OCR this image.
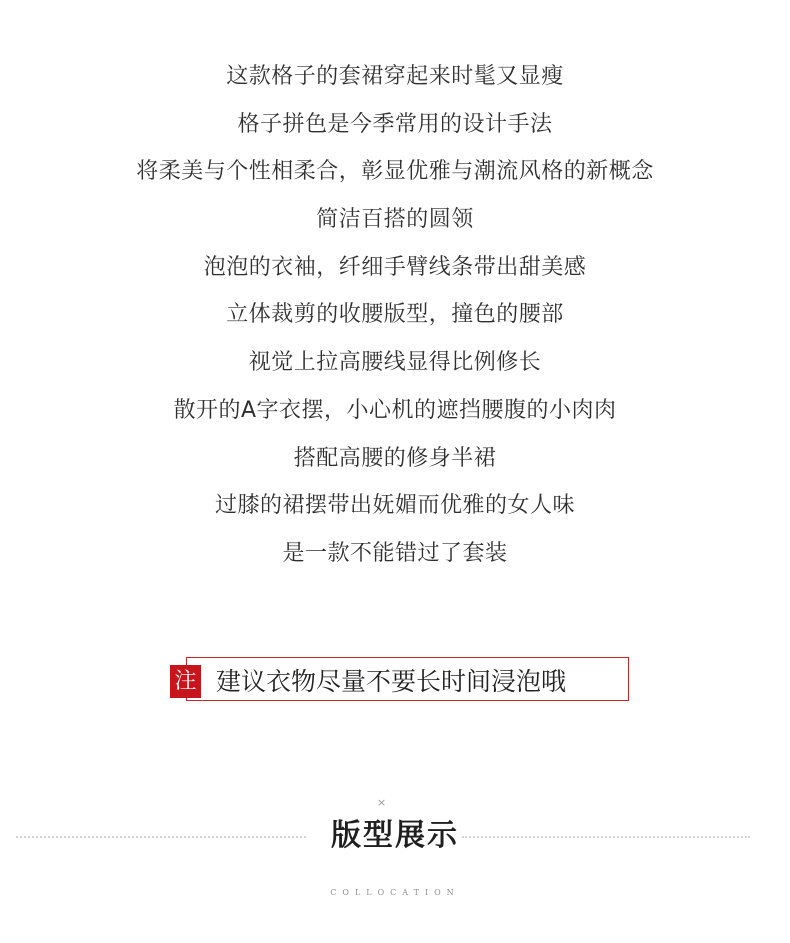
这款格子的套裙穿起来时髦又显瘦
格子拼色是今季常用的设计手法
将柔美与个性相柔合，彰显优雅与潮流风格的新概念
简洁百搭的圆领
泡泡的衣袖，纤细手臂线条带出甜美感
立体裁剪的收腰版型，撞色的腰部
视觉上拉高腰线显得比例修长
散开的A字衣摆，小心机的遮挡腰腹的小肉肉
搭配高腰的修身半裙
过膝的裙摆带出妩媚而优雅的女人味
是一款不能错过了套装
注 建议衣物尽量不要长时间浸泡哦
×
版型展示
COLLOCATION
